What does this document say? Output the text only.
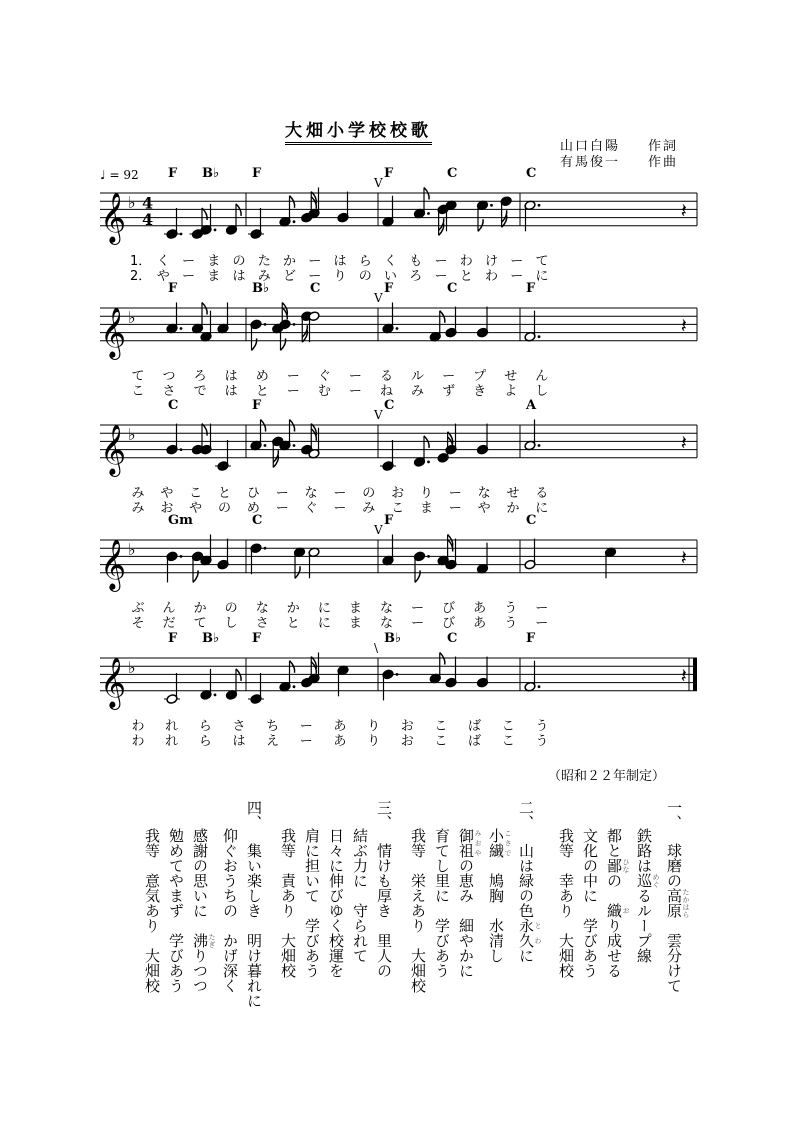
大畑小学校校歌
山口白陽 作詞
有馬俊一 作曲
♩ = 92
𝄞 ♭ 4
4	𝄽
F B♭	F	F	C	C
V
𝄞 ♭	𝄽
F	B♭	C	F	C	F
V
𝄞 ♭	𝄽
C	F	C	A
V
𝄞 ♭	𝄽
Gm	C	F	C
V
𝄞 ♭	𝄽
F B♭	F	B♭	C	F
\
1． く ー ま の た か ー は ら く も ー わ け ー て
2． や ー ま は み ど ー り の い ろ ー と わ ー に
て つ ろ は め ー ぐ ー る ル ー プ せ ん
こ さ で は と ー む ー ね み ず き よ し
み や こ と ひ ー な ー の お り ー な せ る
み お や の め ー ぐ ー み こ ま ー や か に
ぶ ん か の な か に ま な ー び あ う ー
そ だ て し さ と に ま な ー び あ う ー
わ れ ら さ ち ー あ り お こ ば こ う
わ れ ら は え ー あ り お こ ば こ う
（昭和２２年制定）
一、球磨の高原 たかはら　雲分けて
鉄路は巡 めぐるループ線
都と鄙 ひなの　織 おり成せる
文化の中に　学びあう
我等　幸あり　大畑校
二、山は緑の色永久 とわに
小繊 こさで　鳩胸　水清し
御祖 みおやの恵み　細やかに
育てし里に　学びあう
我等　栄えあり　大畑校
三、情けも厚き　里人の
結ぶ力に　守られて
日々に伸びゆく校運を
肩に担いて　学びあう
我等　責あり　大畑校
四、集い楽しき　明け暮れに
仰ぐおうちの　かげ深く
感謝の思いに　沸 たぎりつつ
勉めてやまず　学びあう
我等　意気あり　大畑校
